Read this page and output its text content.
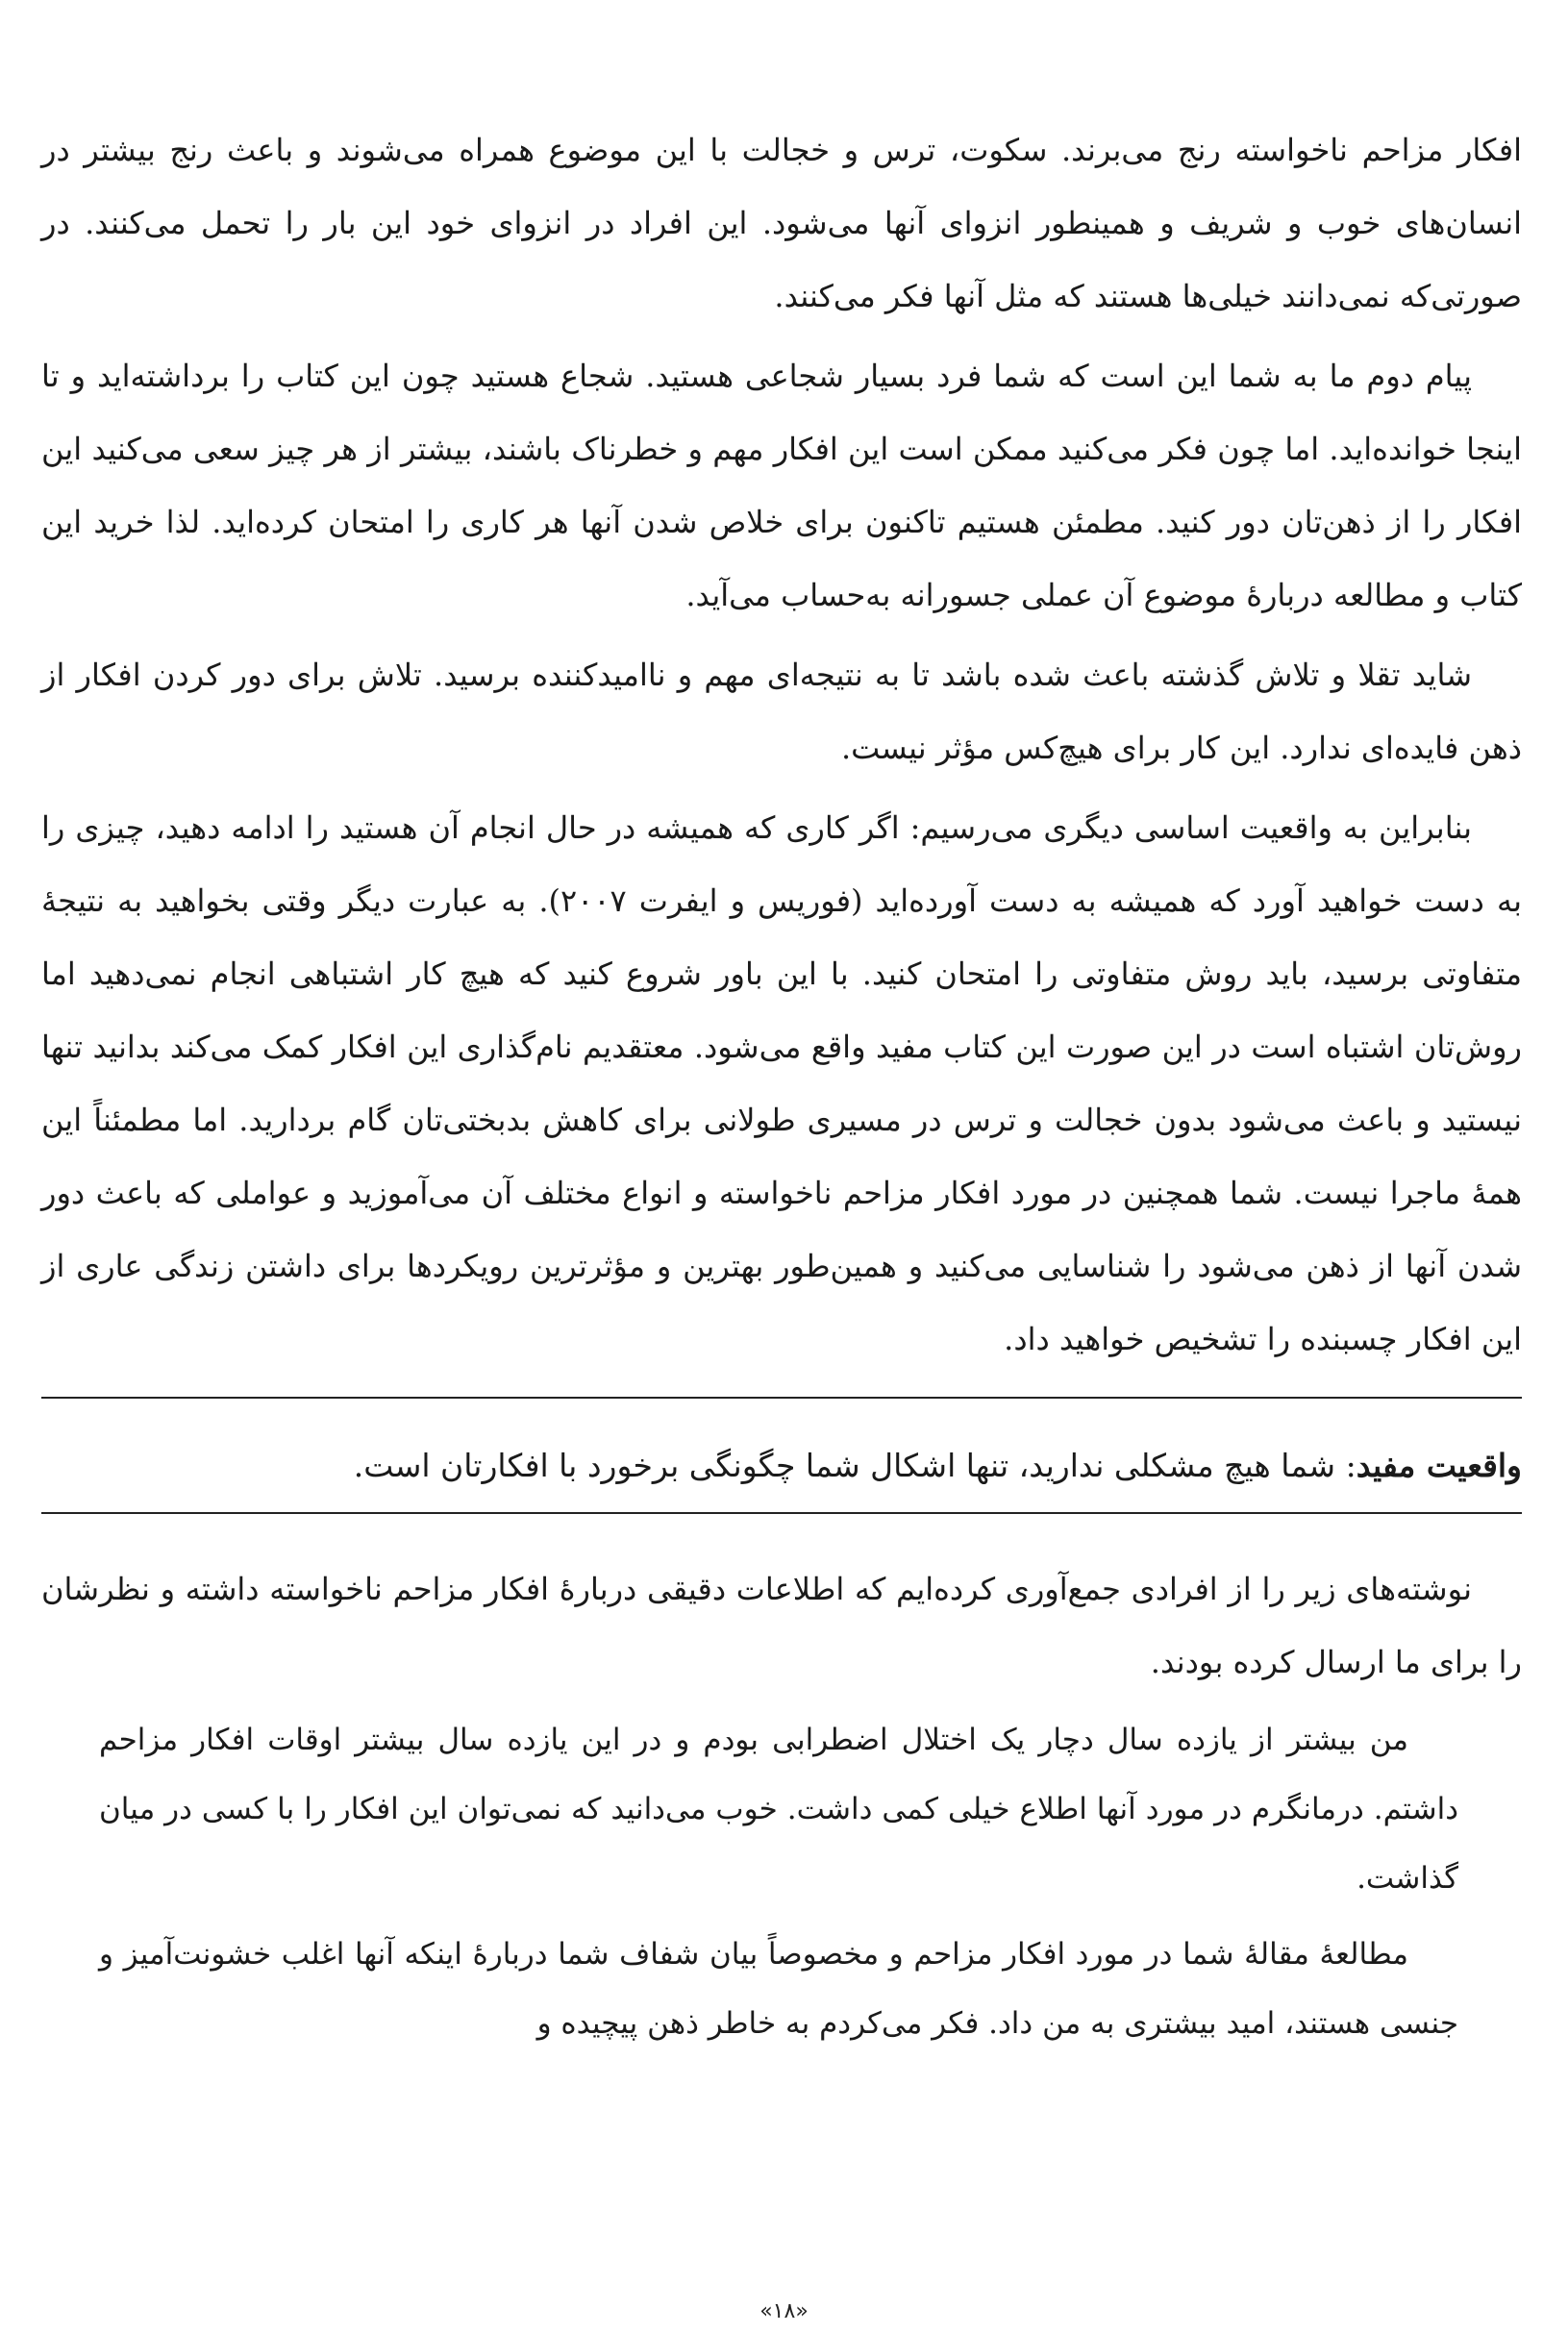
افکار مزاحم ناخواسته رنج می‌برند. سکوت، ترس و خجالت با این موضوع همراه می‌شوند و باعث رنج بیشتر در انسان‌های خوب و شریف و همینطور انزوای آنها می‌شود. این افراد در انزوای خود این بار را تحمل می‌کنند. در صورتی‌که نمی‌دانند خیلی‌ها هستند که مثل آنها فکر می‌کنند.

پیام دوم ما به شما این است که شما فرد بسیار شجاعی هستید. شجاع هستید چون این کتاب را برداشته‌اید و تا اینجا خوانده‌اید. اما چون فکر می‌کنید ممکن است این افکار مهم و خطرناک باشند، بیشتر از هر چیز سعی می‌کنید این افکار را از ذهن‌تان دور کنید. مطمئن هستیم تاکنون برای خلاص شدن آنها هر کاری را امتحان کرده‌اید. لذا خرید این کتاب و مطالعه دربارهٔ موضوع آن عملی جسورانه به‌حساب می‌آید.

شاید تقلا و تلاش گذشته باعث شده باشد تا به نتیجه‌ای مهم و ناامیدکننده برسید. تلاش برای دور کردن افکار از ذهن فایده‌ای ندارد. این کار برای هیچ‌کس مؤثر نیست.

بنابراین به واقعیت اساسی دیگری می‌رسیم: اگر کاری که همیشه در حال انجام آن هستید را ادامه دهید، چیزی را به دست خواهید آورد که همیشه به دست آورده‌اید (فوریس و ایفرت ۲۰۰۷). به عبارت دیگر وقتی بخواهید به نتیجهٔ متفاوتی برسید، باید روش متفاوتی را امتحان کنید. با این باور شروع کنید که هیچ کار اشتباهی انجام نمی‌دهید اما روش‌تان اشتباه است در این صورت این کتاب مفید واقع می‌شود. معتقدیم نام‌گذاری این افکار کمک می‌کند بدانید تنها نیستید و باعث می‌شود بدون خجالت و ترس در مسیری طولانی برای کاهش بدبختی‌تان گام بردارید. اما مطمئناً این همهٔ ماجرا نیست. شما همچنین در مورد افکار مزاحم ناخواسته و انواع مختلف آن می‌آموزید و عواملی که باعث دور شدن آنها از ذهن می‌شود را شناسایی می‌کنید و همین‌طور بهترین و مؤثرترین رویکردها برای داشتن زندگی عاری از این افکار چسبنده را تشخیص خواهید داد.

واقعیت مفید: شما هیچ مشکلی ندارید، تنها اشکال شما چگونگی برخورد با افکارتان است.

نوشته‌های زیر را از افرادی جمع‌آوری کرده‌ایم که اطلاعات دقیقی دربارهٔ افکار مزاحم ناخواسته داشته و نظرشان را برای ما ارسال کرده بودند.

من بیشتر از یازده سال دچار یک اختلال اضطرابی بودم و در این یازده سال بیشتر اوقات افکار مزاحم داشتم. درمانگرم در مورد آنها اطلاع خیلی کمی داشت. خوب می‌دانید که نمی‌توان این افکار را با کسی در میان گذاشت.

مطالعهٔ مقالهٔ شما در مورد افکار مزاحم و مخصوصاً بیان شفاف شما دربارهٔ اینکه آنها اغلب خشونت‌آمیز و جنسی هستند، امید بیشتری به من داد. فکر می‌کردم به خاطر ذهن پیچیده و

«۱۸»
